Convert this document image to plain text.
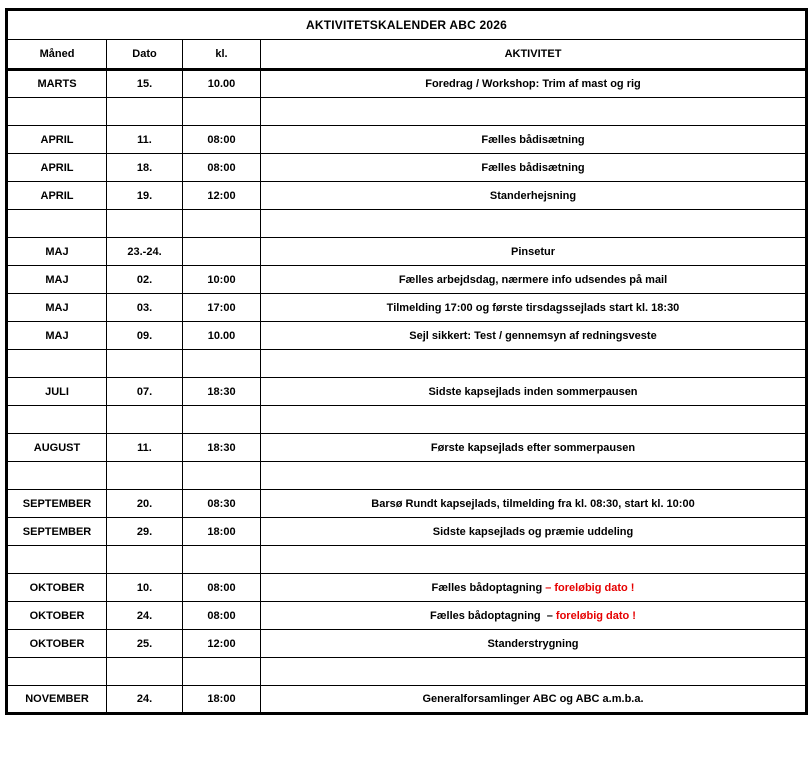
AKTIVITETSKALENDER ABC 2026			
Måned	Dato	kl.	AKTIVITET
MARTS	15.	10.00	Foredrag / Workshop: Trim af mast og rig

APRIL	11.	08:00	Fælles bådisætning
APRIL	18.	08:00	Fælles bådisætning
APRIL	19.	12:00	Standerhejsning

MAJ	23.-24.		Pinsetur
MAJ	02.	10:00	Fælles arbejdsdag, nærmere info udsendes på mail
MAJ	03.	17:00	Tilmelding 17:00 og første tirsdagssejlads start kl. 18:30
MAJ	09.	10.00	Sejl sikkert: Test / gennemsyn af redningsveste

JULI	07.	18:30	Sidste kapsejlads inden sommerpausen

AUGUST	11.	18:30	Første kapsejlads efter sommerpausen

SEPTEMBER	20.	08:30	Barsø Rundt kapsejlads, tilmelding fra kl. 08:30, start kl. 10:00
SEPTEMBER	29.	18:00	Sidste kapsejlads og præmie uddeling

OKTOBER	10.	08:00	Fælles bådoptagning – foreløbig dato !
OKTOBER	24.	08:00	Fælles bådoptagning  – foreløbig dato !
OKTOBER	25.	12:00	Standerstrygning

NOVEMBER	24.	18:00	Generalforsamlinger ABC og ABC a.m.b.a.
